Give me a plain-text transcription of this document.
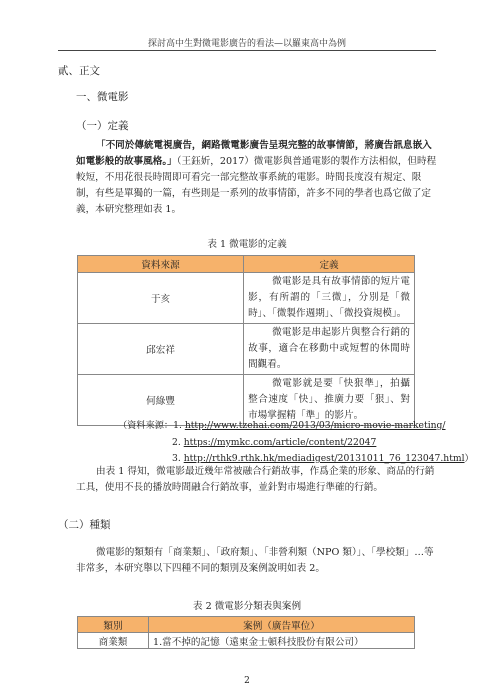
探討高中生對微電影廣告的看法—以羅東高中為例
貳、正文
一、微電影
（一）定義
「不同於傳統電視廣告，網路微電影廣告呈現完整的故事情節，將廣告訊息嵌入如電影般的故事風格。」（王鈺妡，2017）微電影與普通電影的製作方法相似，但時程較短，不用花很長時間即可看完一部完整故事系統的電影。時間長度沒有規定、限制，有些是單獨的一篇，有些則是一系列的故事情節，許多不同的學者也爲它做了定義，本研究整理如表 1。
表 1 微電影的定義
資料來源	定義
于亥	微電影是具有故事情節的短片電影，有所謂的「三微」，分別是「微時」、「微製作週期」、「微投資規模」。
邱宏祥	微電影是串起影片與整合行銷的故事，適合在移動中或短暫的休閒時間觀看。
何綠豐	微電影就是要「快狠準」，拍攝整合速度「快」、推廣力要「狠」、對市場掌握精「準」的影片。
（資料來源：1. http://www.tzehai.com/2013/03/micro-movie-marketing/
2. https://mymkc.com/article/content/22047
3. http://rthk9.rthk.hk/mediadigest/20131011_76_123047.html）
由表 1 得知，微電影最近幾年常被融合行銷故事，作爲企業的形象、商品的行銷工具，使用不長的播放時間融合行銷故事，並針對市場進行準確的行銷。
（二）種類
微電影的類類有「商業類」、「政府類」、「非營利類（NPO 類）」、「學校類」…等非常多，本研究舉以下四種不同的類別及案例說明如表 2。
表 2 微電影分類表與案例
類別	案例（廣告單位）
商業類	1.當不掉的記憶（遠東金士頓科技股份有限公司）
2
